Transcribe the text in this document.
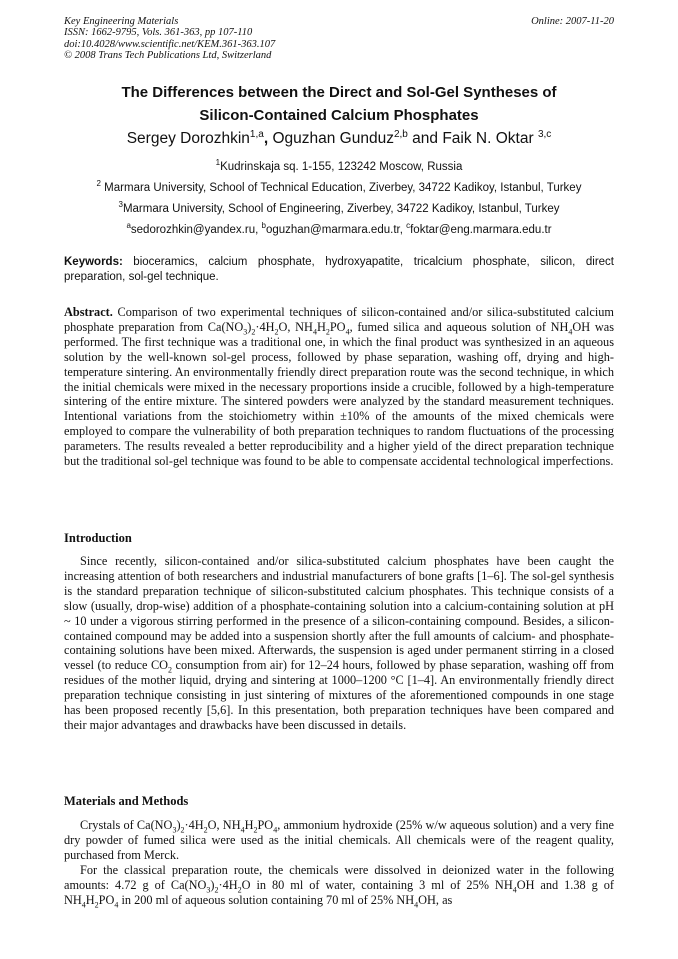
Key Engineering Materials
ISSN: 1662-9795, Vols. 361-363, pp 107-110
doi:10.4028/www.scientific.net/KEM.361-363.107
© 2008 Trans Tech Publications Ltd, Switzerland
Online: 2007-11-20
The Differences between the Direct and Sol-Gel Syntheses of
Silicon-Contained Calcium Phosphates
Sergey Dorozhkin$^{1,a}$, Oguzhan Gunduz$^{2,b}$ and Faik N. Oktar $^{3,c}$
$^1$Kudrinskaja sq. 1-155, 123242 Moscow, Russia
$^2$ Marmara University, School of Technical Education, Ziverbey, 34722 Kadikoy, Istanbul, Turkey
$^3$Marmara University, School of Engineering, Ziverbey, 34722 Kadikoy, Istanbul, Turkey
$^a$sedorozhkin@yandex.ru, $^b$oguzhan@marmara.edu.tr, $^c$foktar@eng.marmara.edu.tr
Keywords: bioceramics, calcium phosphate, hydroxyapatite, tricalcium phosphate, silicon, direct preparation, sol-gel technique.
Abstract. Comparison of two experimental techniques of silicon-contained and/or silica-substituted calcium phosphate preparation from $Ca(NO_3)_2\cdot 4H_2O$, $NH_4H_2PO_4$, fumed silica and aqueous solution of $NH_4OH$ was performed. The first technique was a traditional one, in which the final product was synthesized in an aqueous solution by the well-known sol-gel process, followed by phase separation, washing off, drying and high-temperature sintering. An environmentally friendly direct preparation route was the second technique, in which the initial chemicals were mixed in the necessary proportions inside a crucible, followed by a high-temperature sintering of the entire mixture. The sintered powders were analyzed by the standard measurement techniques. Intentional variations from the stoichiometry within ±10% of the amounts of the mixed chemicals were employed to compare the vulnerability of both preparation techniques to random fluctuations of the processing parameters. The results revealed a better reproducibility and a higher yield of the direct preparation technique but the traditional sol-gel technique was found to be able to compensate accidental technological imperfections.
Introduction
Since recently, silicon-contained and/or silica-substituted calcium phosphates have been caught the increasing attention of both researchers and industrial manufacturers of bone grafts [1–6]. The sol-gel synthesis is the standard preparation technique of silicon-substituted calcium phosphates. This technique consists of a slow (usually, drop-wise) addition of a phosphate-containing solution into a calcium-containing solution at pH ~ 10 under a vigorous stirring performed in the presence of a silicon-containing compound. Besides, a silicon-contained compound may be added into a suspension shortly after the full amounts of calcium- and phosphate-containing solutions have been mixed. Afterwards, the suspension is aged under permanent stirring in a closed vessel (to reduce $CO_2$ consumption from air) for 12–24 hours, followed by phase separation, washing off from residues of the mother liquid, drying and sintering at 1000–1200 °C [1–4]. An environmentally friendly direct preparation technique consisting in just sintering of mixtures of the aforementioned compounds in one stage has been proposed recently [5,6]. In this presentation, both preparation techniques have been compared and their major advantages and drawbacks have been discussed in details.
Materials and Methods
Crystals of $Ca(NO_3)_2\cdot 4H_2O$, $NH_4H_2PO_4$, ammonium hydroxide (25% w/w aqueous solution) and a very fine dry powder of fumed silica were used as the initial chemicals. All chemicals were of the reagent quality, purchased from Merck.
For the classical preparation route, the chemicals were dissolved in deionized water in the following amounts: 4.72 g of $Ca(NO_3)_2\cdot 4H_2O$ in 80 ml of water, containing 3 ml of 25% $NH_4OH$ and 1.38 g of $NH_4H_2PO_4$ in 200 ml of aqueous solution containing 70 ml of 25% $NH_4OH$, as
